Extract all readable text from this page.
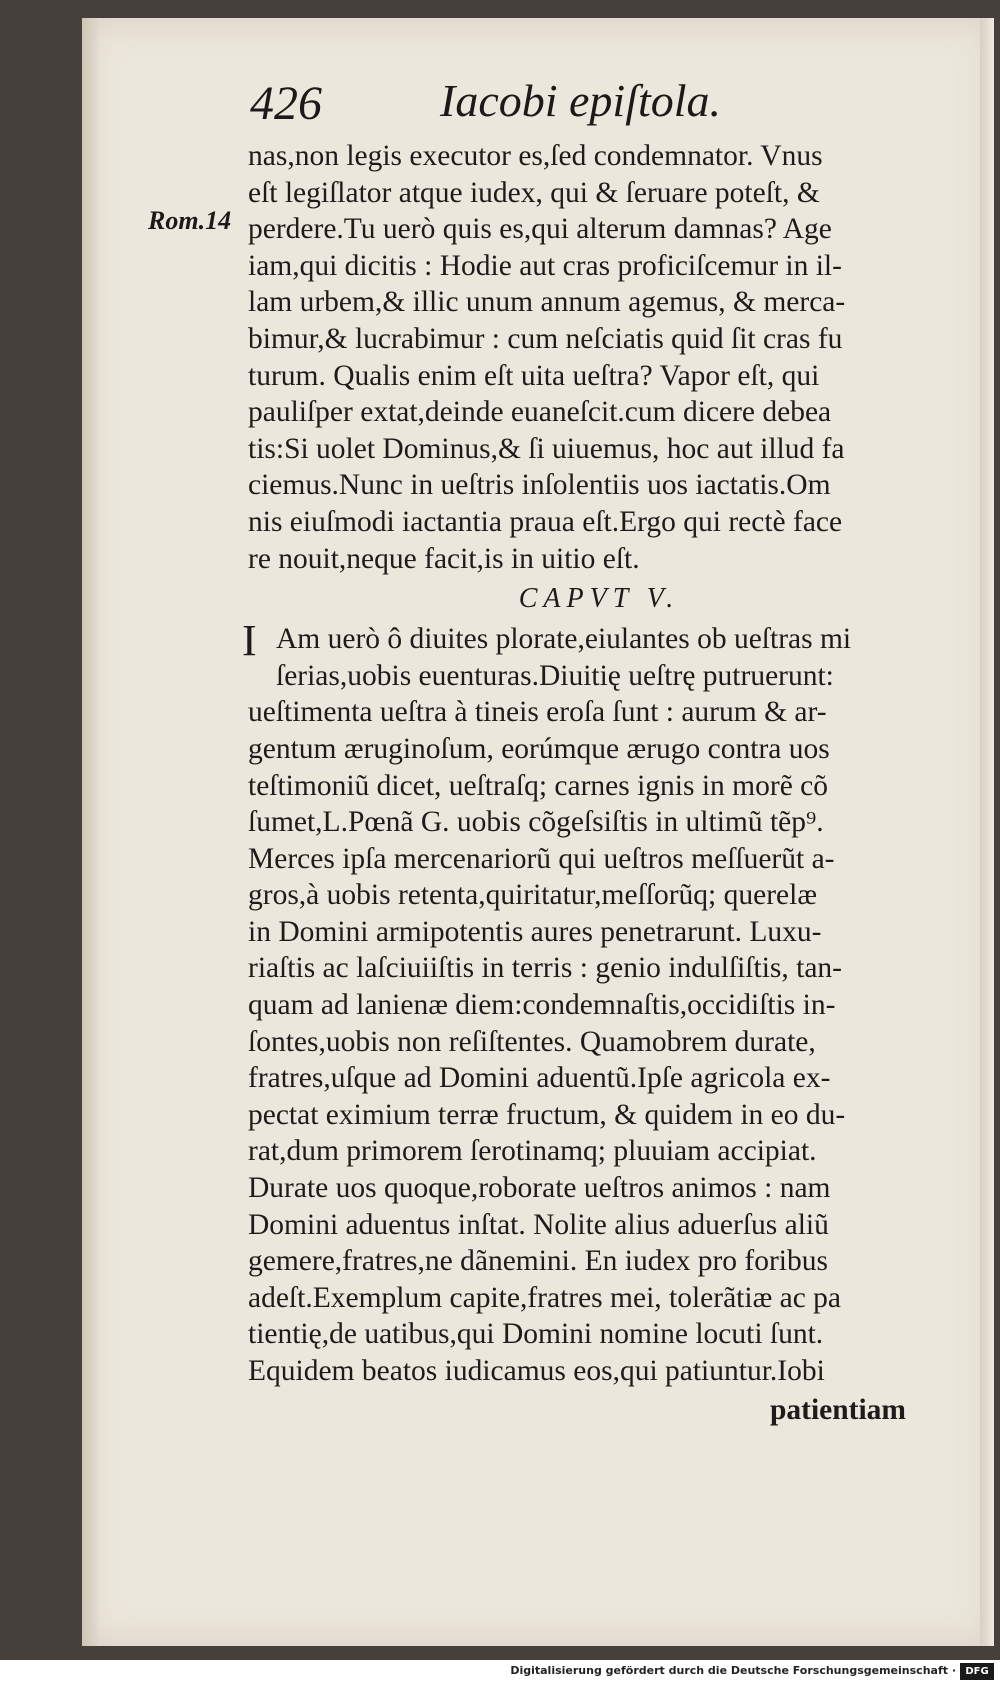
426	Iacobi epiſtola.
Rom.14
nas,non legis executor es,ſed condemnator. Vnus
eſt legiſlator atque iudex, qui & ſeruare poteſt, &
perdere.Tu uerò quis es,qui alterum damnas? Age
iam,qui dicitis : Hodie aut cras proficiſcemur in il-
lam urbem,& illic unum annum agemus, & merca-
bimur,& lucrabimur : cum neſciatis quid ſit cras fu
turum. Qualis enim eſt uita ueſtra? Vapor eſt, qui
pauliſper extat,deinde euaneſcit.cum dicere debea
tis:Si uolet Dominus,& ſi uiuemus, hoc aut illud fa
ciemus.Nunc in ueſtris inſolentiis uos iactatis.Om
nis eiuſmodi iactantia praua eſt.Ergo qui rectè face
re nouit,neque facit,is in uitio eſt.
CAPVT V.
I Am uerò ô diuites plorate,eiulantes ob ueſtras mi
ſerias,uobis euenturas.Diuitię ueſtrę putruerunt:
ueſtimenta ueſtra à tineis eroſa ſunt : aurum & ar-
gentum æruginoſum, eorúmque ærugo contra uos
teſtimoniũ dicet, ueſtraſq; carnes ignis in morẽ cõ
ſumet,L.Pœnã G. uobis cõgeſsiſtis in ultimũ tẽp⁹.
Merces ipſa mercenariorũ qui ueſtros meſſuerũt a-
gros,à uobis retenta,quiritatur,meſſorũq; querelæ
in Domini armipotentis aures penetrarunt. Luxu-
riaſtis ac laſciuiiſtis in terris : genio indulſiſtis, tan-
quam ad lanienæ diem:condemnaſtis,occidiſtis in-
ſontes,uobis non reſiſtentes. Quamobrem durate,
fratres,uſque ad Domini aduentũ.Ipſe agricola ex-
pectat eximium terræ fructum, & quidem in eo du-
rat,dum primorem ſerotinamq; pluuiam accipiat.
Durate uos quoque,roborate ueſtros animos : nam
Domini aduentus inſtat. Nolite alius aduerſus aliũ
gemere,fratres,ne dãnemini. En iudex pro foribus
adeſt.Exemplum capite,fratres mei, tolerãtiæ ac pa
tientię,de uatibus,qui Domini nomine locuti ſunt.
Equidem beatos iudicamus eos,qui patiuntur.Iobi
patientiam
Digitalisierung gefördert durch die Deutsche Forschungsgemeinschaft · DFG
